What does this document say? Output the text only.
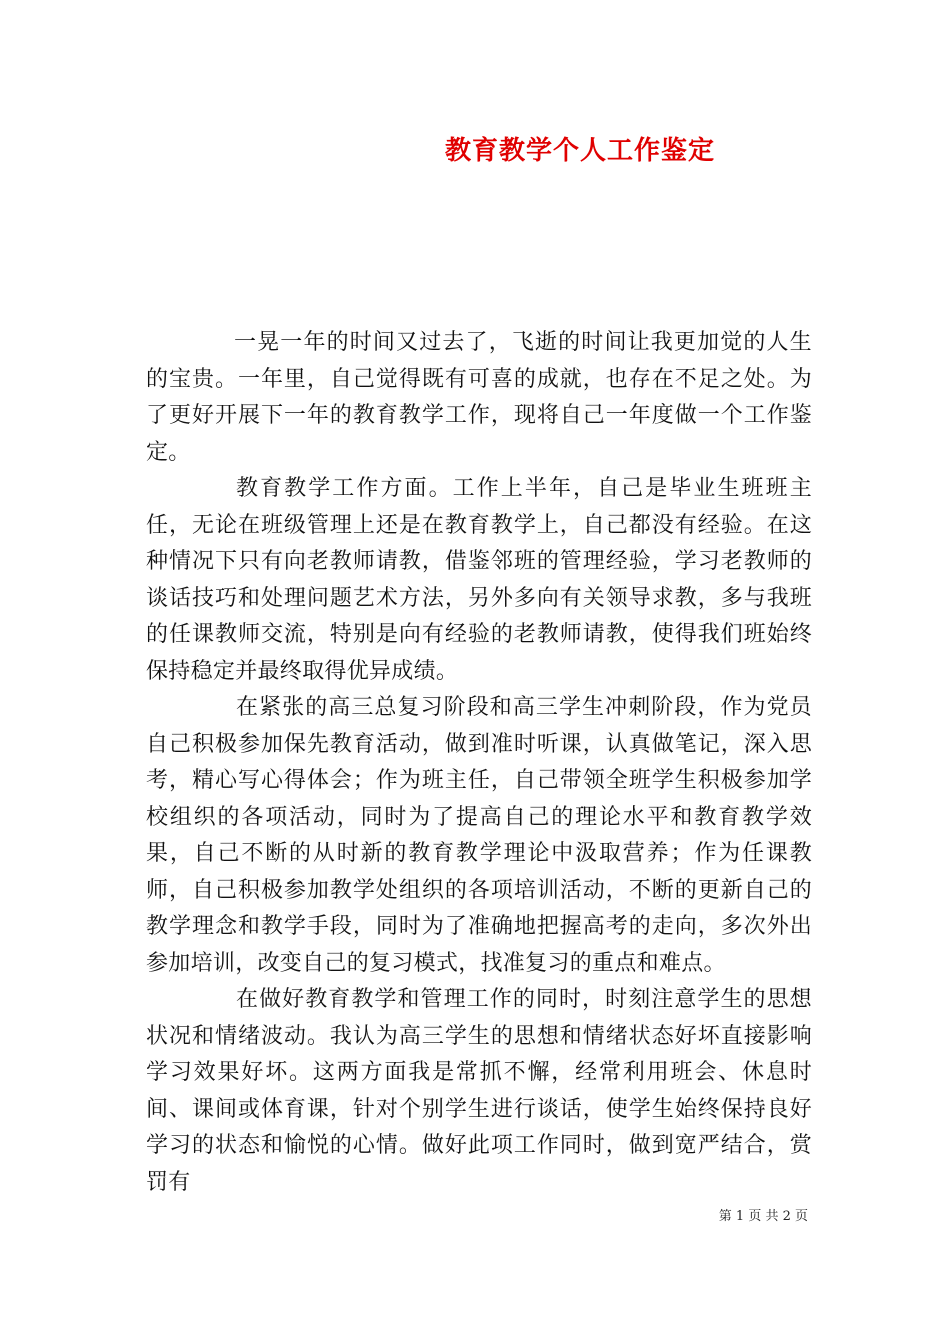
教育教学个人工作鉴定

一晃一年的时间又过去了，飞逝的时间让我更加觉的人生的宝贵。一年里，自己觉得既有可喜的成就，也存在不足之处。为了更好开展下一年的教育教学工作，现将自己一年度做一个工作鉴定。

教育教学工作方面。工作上半年，自己是毕业生班班主任，无论在班级管理上还是在教育教学上，自己都没有经验。在这种情况下只有向老教师请教，借鉴邻班的管理经验，学习老教师的谈话技巧和处理问题艺术方法，另外多向有关领导求教，多与我班的任课教师交流，特别是向有经验的老教师请教，使得我们班始终保持稳定并最终取得优异成绩。

在紧张的高三总复习阶段和高三学生冲刺阶段，作为党员自己积极参加保先教育活动，做到准时听课，认真做笔记，深入思考，精心写心得体会；作为班主任，自己带领全班学生积极参加学校组织的各项活动，同时为了提高自己的理论水平和教育教学效果，自己不断的从时新的教育教学理论中汲取营养；作为任课教师，自己积极参加教学处组织的各项培训活动，不断的更新自己的教学理念和教学手段，同时为了准确地把握高考的走向，多次外出参加培训，改变自己的复习模式，找准复习的重点和难点。

在做好教育教学和管理工作的同时，时刻注意学生的思想状况和情绪波动。我认为高三学生的思想和情绪状态好坏直接影响学习效果好坏。这两方面我是常抓不懈，经常利用班会、休息时间、课间或体育课，针对个别学生进行谈话，使学生始终保持良好学习的状态和愉悦的心情。做好此项工作同时，做到宽严结合，赏罚有

第 1 页 共 2 页
